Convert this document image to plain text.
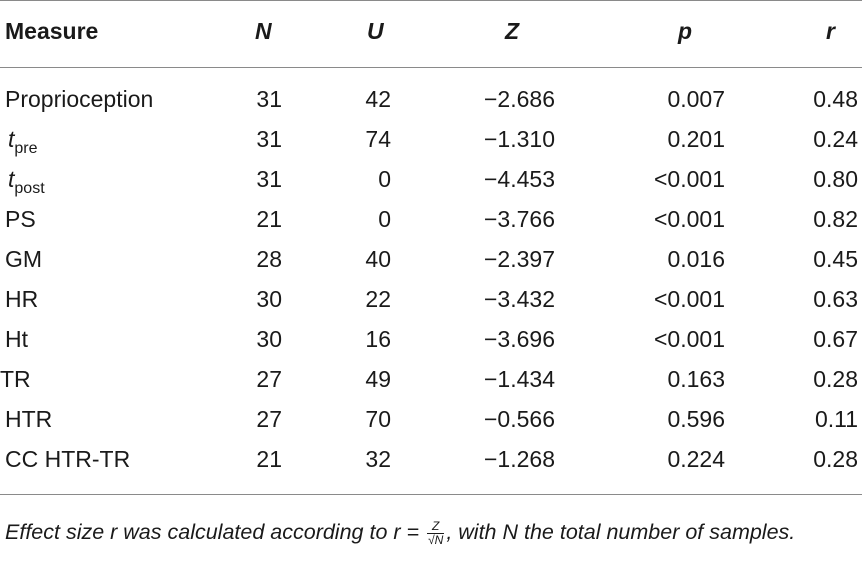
Measure	N	U	Z	p	r
Proprioception	31	42	−2.686	0.007	0.48
$t_{pre}$	31	74	−1.310	0.201	0.24
$t_{post}$	31	0	−4.453	<0.001	0.80
PS	21	0	−3.766	<0.001	0.82
GM	28	40	−2.397	0.016	0.45
HR	30	22	−3.432	<0.001	0.63
Ht	30	16	−3.696	<0.001	0.67
TR	27	49	−1.434	0.163	0.28
HTR	27	70	−0.566	0.596	0.11
CC HTR-TR	21	32	−1.268	0.224	0.28
Effect size r was calculated according to $r = \frac{Z}{√N}$ , with N the total number of samples.
